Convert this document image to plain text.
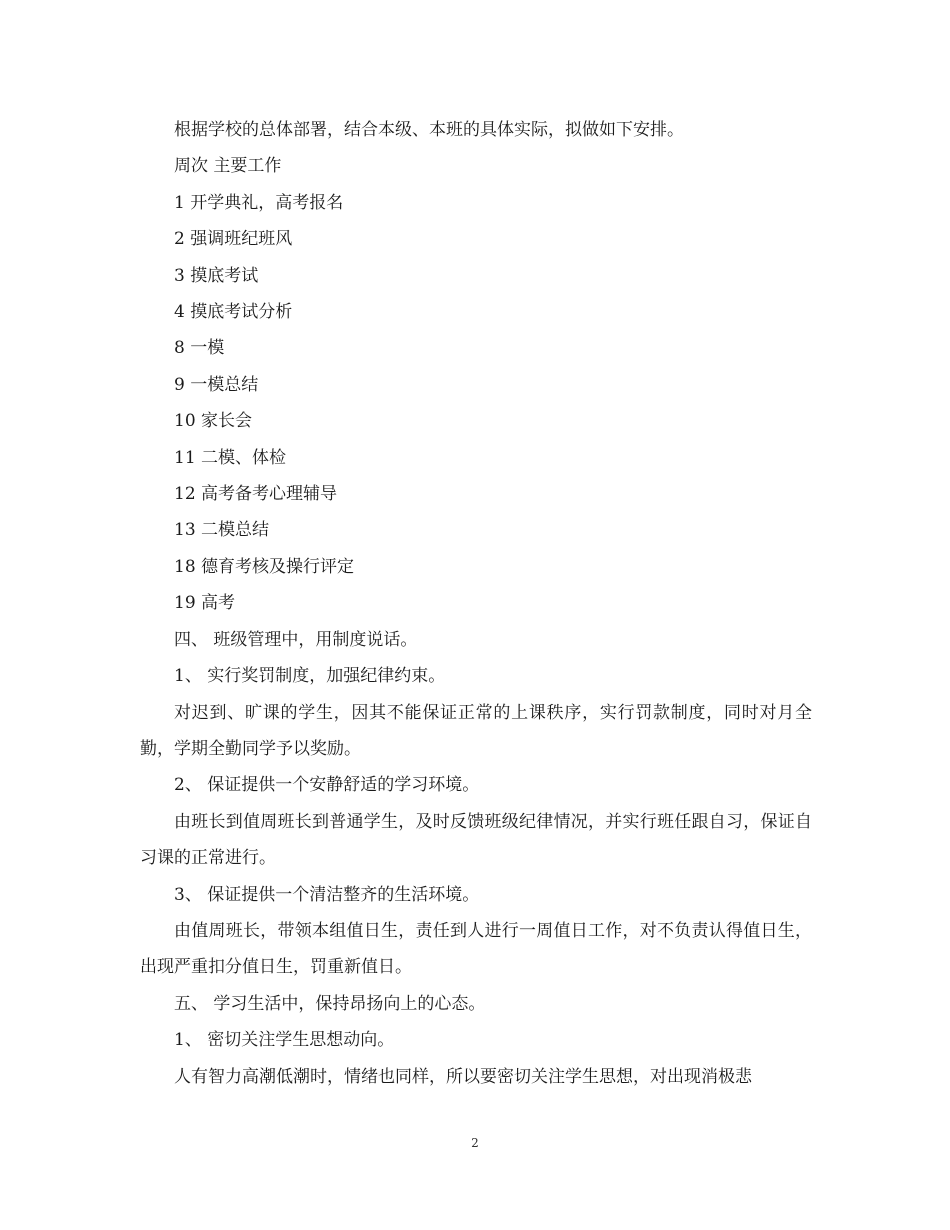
根据学校的总体部署，结合本级、本班的具体实际，拟做如下安排。

周次 主要工作

1 开学典礼，高考报名

2 强调班纪班风

3 摸底考试

4 摸底考试分析

8 一模

9 一模总结

10 家长会

11 二模、体检

12 高考备考心理辅导

13 二模总结

18 德育考核及操行评定

19 高考

四、 班级管理中，用制度说话。

1、 实行奖罚制度，加强纪律约束。

对迟到、旷课的学生，因其不能保证正常的上课秩序，实行罚款制度，同时对月全勤，学期全勤同学予以奖励。

2、 保证提供一个安静舒适的学习环境。

由班长到值周班长到普通学生，及时反馈班级纪律情况，并实行班任跟自习，保证自习课的正常进行。

3、 保证提供一个清洁整齐的生活环境。

由值周班长，带领本组值日生，责任到人进行一周值日工作，对不负责认得值日生，出现严重扣分值日生，罚重新值日。

五、 学习生活中，保持昂扬向上的心态。

1、 密切关注学生思想动向。

人有智力高潮低潮时，情绪也同样，所以要密切关注学生思想，对出现消极悲

2
